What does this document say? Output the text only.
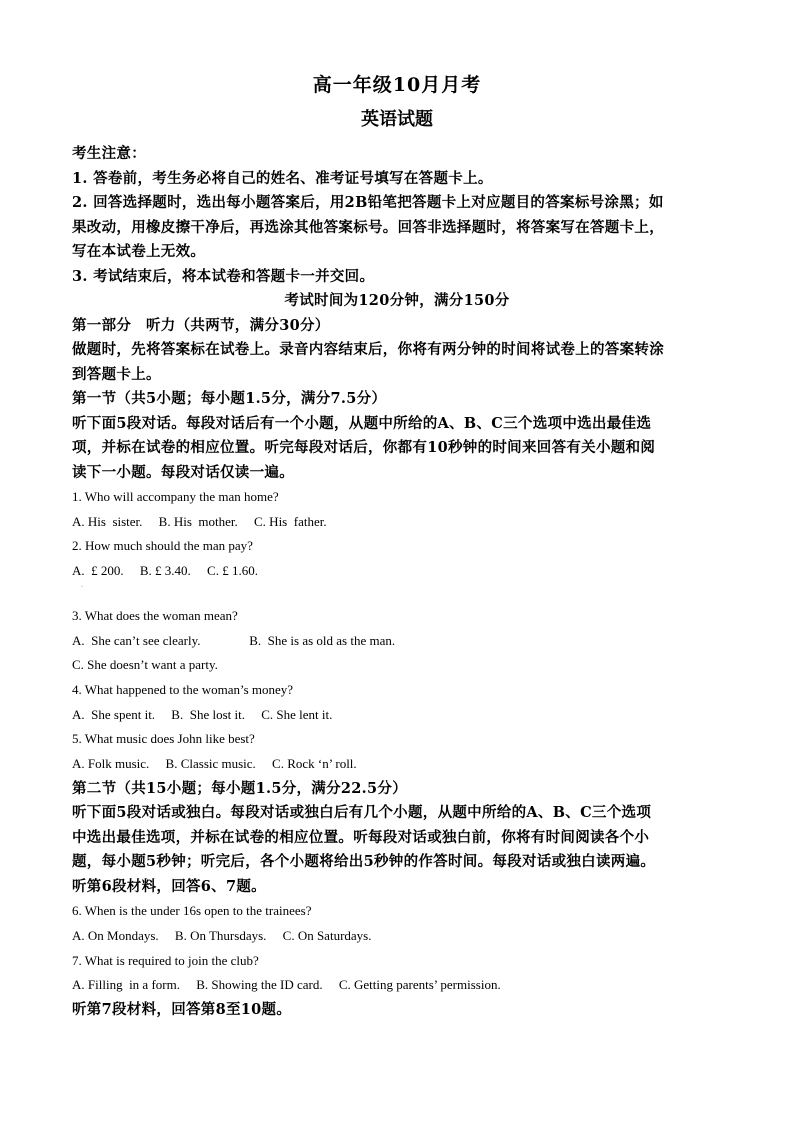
高一年级10月月考
英语试题
考生注意：
1. 答卷前，考生务必将自己的姓名、准考证号填写在答题卡上。
2. 回答选择题时，选出每小题答案后，用2B铅笔把答题卡上对应题目的答案标号涂黑；如
果改动，用橡皮擦干净后，再选涂其他答案标号。回答非选择题时，将答案写在答题卡上，
写在本试卷上无效。
3. 考试结束后，将本试卷和答题卡一并交回。
考试时间为120分钟，满分150分
第一部分　听力（共两节，满分30分）
做题时，先将答案标在试卷上。录音内容结束后，你将有两分钟的时间将试卷上的答案转涂
到答题卡上。
第一节（共5小题；每小题1.5分，满分7.5分）
听下面5段对话。每段对话后有一个小题，从题中所给的A、B、C三个选项中选出最佳选
项，并标在试卷的相应位置。听完每段对话后，你都有10秒钟的时间来回答有关小题和阅
读下一小题。每段对话仅读一遍。
1. Who will accompany the man home?
A. His  sister.     B. His  mother.     C. His  father.
2. How much should the man pay?
A.  £ 200.     B. £ 3.40.     C. £ 1.60.
·
3. What does the woman mean?
A.  She can’t see clearly.               B.  She is as old as the man.
C. She doesn’t want a party.
4. What happened to the woman’s money?
A.  She spent it.     B.  She lost it.     C. She lent it.
5. What music does John like best?
A. Folk music.     B. Classic music.     C. Rock ‘n’ roll.
第二节（共15小题；每小题1.5分，满分22.5分）
听下面5段对话或独白。每段对话或独白后有几个小题，从题中所给的A、B、C三个选项
中选出最佳选项，并标在试卷的相应位置。听每段对话或独白前，你将有时间阅读各个小
题，每小题5秒钟；听完后，各个小题将给出5秒钟的作答时间。每段对话或独白读两遍。
听第6段材料，回答6、7题。
6. When is the under 16s open to the trainees?
A. On Mondays.     B. On Thursdays.     C. On Saturdays.
7. What is required to join the club?
A. Filling  in a form.     B. Showing the ID card.     C. Getting parents’ permission.
听第7段材料，回答第8至10题。
